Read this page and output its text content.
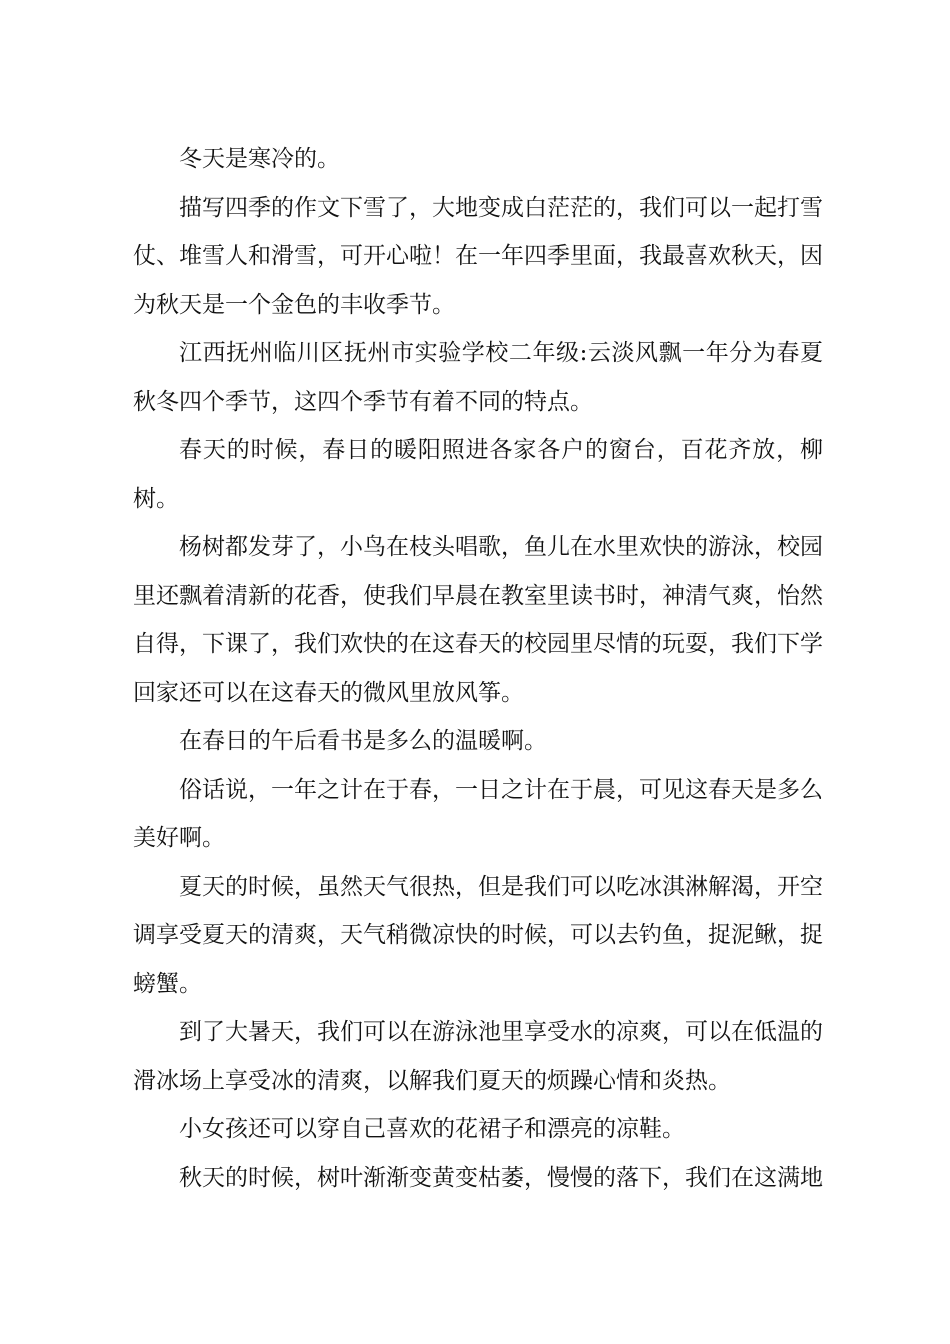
冬天是寒冷的。

描写四季的作文下雪了，大地变成白茫茫的，我们可以一起打雪仗、堆雪人和滑雪，可开心啦！在一年四季里面，我最喜欢秋天，因为秋天是一个金色的丰收季节。

江西抚州临川区抚州市实验学校二年级:云淡风飘一年分为春夏秋冬四个季节，这四个季节有着不同的特点。

春天的时候，春日的暖阳照进各家各户的窗台，百花齐放，柳树。

杨树都发芽了，小鸟在枝头唱歌，鱼儿在水里欢快的游泳，校园里还飘着清新的花香，使我们早晨在教室里读书时，神清气爽，怡然自得，下课了，我们欢快的在这春天的校园里尽情的玩耍，我们下学回家还可以在这春天的微风里放风筝。

在春日的午后看书是多么的温暖啊。

俗话说，一年之计在于春，一日之计在于晨，可见这春天是多么美好啊。

夏天的时候，虽然天气很热，但是我们可以吃冰淇淋解渴，开空调享受夏天的清爽，天气稍微凉快的时候，可以去钓鱼，捉泥鳅，捉螃蟹。

到了大暑天，我们可以在游泳池里享受水的凉爽，可以在低温的滑冰场上享受冰的清爽，以解我们夏天的烦躁心情和炎热。

小女孩还可以穿自己喜欢的花裙子和漂亮的凉鞋。

秋天的时候，树叶渐渐变黄变枯萎，慢慢的落下，我们在这满地
